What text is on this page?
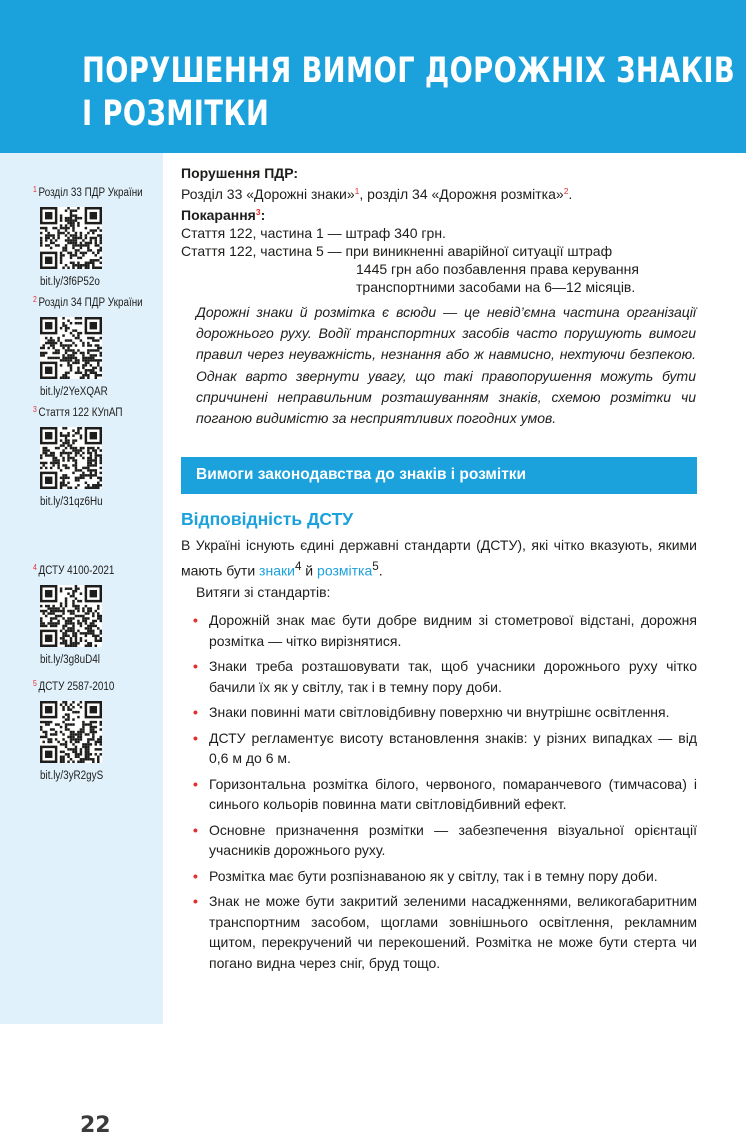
ПОРУШЕННЯ ВИМОГ ДОРОЖНІХ ЗНАКІВ
І РОЗМІТКИ
$^1$ Розділ 33 ПДР України
bit.ly/3f6P52o
$^2$ Розділ 34 ПДР України
bit.ly/2YeXQAR
$^3$ Стаття 122 КУпАП
bit.ly/31qz6Hu
$^4$ ДСТУ 4100-2021
bit.ly/3g8uD4l
$^5$ ДСТУ 2587-2010
bit.ly/3yR2gyS
22
Порушення ПДР:
Розділ 33 «Дорожні знаки»$^1$, розділ 34 «Дорожня розмітка»$^2$.
Покарання$^3$:
Стаття 122, частина 1 — штраф 340 грн.
Стаття 122, частина 5 — при виникненні аварійної ситуації штраф
1445 грн або позбавлення права керування
транспортними засобами на 6—12 місяців.
Дорожні знаки й розмітка є всюди — це невід’ємна частина організації дорожнього руху. Водії транспортних засобів часто порушують вимоги правил через неуважність, незнання або ж навмисно, нехтуючи безпекою. Однак варто звернути увагу, що такі правопорушення можуть бути спричинені неправильним розташуванням знаків, схемою розмітки чи поганою видимістю за несприятливих погодних умов.
Вимоги законодавства до знаків і розмітки
Відповідність ДСТУ
В Україні існують єдині державні стандарти (ДСТУ), які чітко вказують, якими мають бути знаки$^4$ й розмітка$^5$.
Витяги зі стандартів:
• Дорожній знак має бути добре видним зі стометрової відстані, дорожня розмітка — чітко вирізнятися.
• Знаки треба розташовувати так, щоб учасники дорожнього руху чітко бачили їх як у світлу, так і в темну пору доби.
• Знаки повинні мати світловідбивну поверхню чи внутрішнє освітлення.
• ДСТУ регламентує висоту встановлення знаків: у різних випадках — від 0,6 м до 6 м.
• Горизонтальна розмітка білого, червоного, помаранчевого (тимчасова) і синього кольорів повинна мати світловідбивний ефект.
• Основне призначення розмітки — забезпечення візуальної орієнтації учасників дорожнього руху.
• Розмітка має бути розпізнаваною як у світлу, так і в темну пору доби.
• Знак не може бути закритий зеленими насадженнями, великогабаритним транспортним засобом, щоглами зовнішнього освітлення, рекламним щитом, перекручений чи перекошений. Розмітка не може бути стерта чи погано видна через сніг, бруд тощо.
